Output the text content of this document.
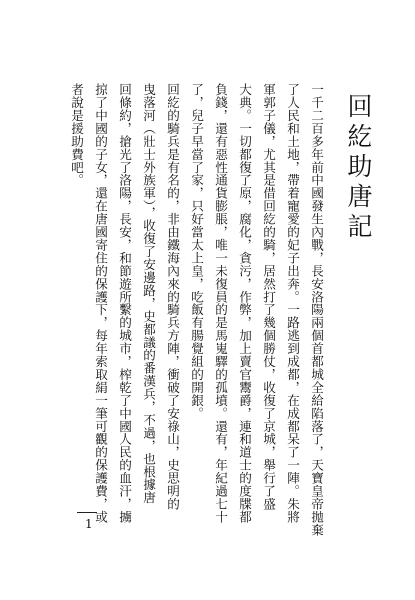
回紇助唐記
一千二百多年前中國發生內戰，長安洛陽兩個首都城全給陷落了，天寶皇帝拋棄
了人民和土地，帶着寵愛的妃子出奔。一路逃到成都，在成都呆了一陣。朱將
軍郭子儀，尤其是借回紇的騎，居然打了幾個勝仗，收復了京城，舉行了盛
大典。一切都復了原，腐化，貪污，作弊，加上賣官鬻爵，連和道士的度牒都
負錢，還有惡性通貨膨脹，唯一未復員的是馬嵬驛的孤墳。還有，年紀過七十
了，兒子早當了家，只好當太上皇，吃飯有腸覺組的開銀。
回紇的騎兵是有名的，非由鐵海內來的騎兵方陣，衝破了安祿山，史思明的
曳落河（壯士外族軍），收復了安邊路，史都議的番漢兵，不過，也根據唐
回條約，搶光了洛陽，長安，和節遊所繫的城市，榨乾了中國人民的血汗，擄
掠了中國的子女，還在唐國寄住的保護下，每年索取絹一筆可觀的保護費，或
者說是援助費吧。
1
